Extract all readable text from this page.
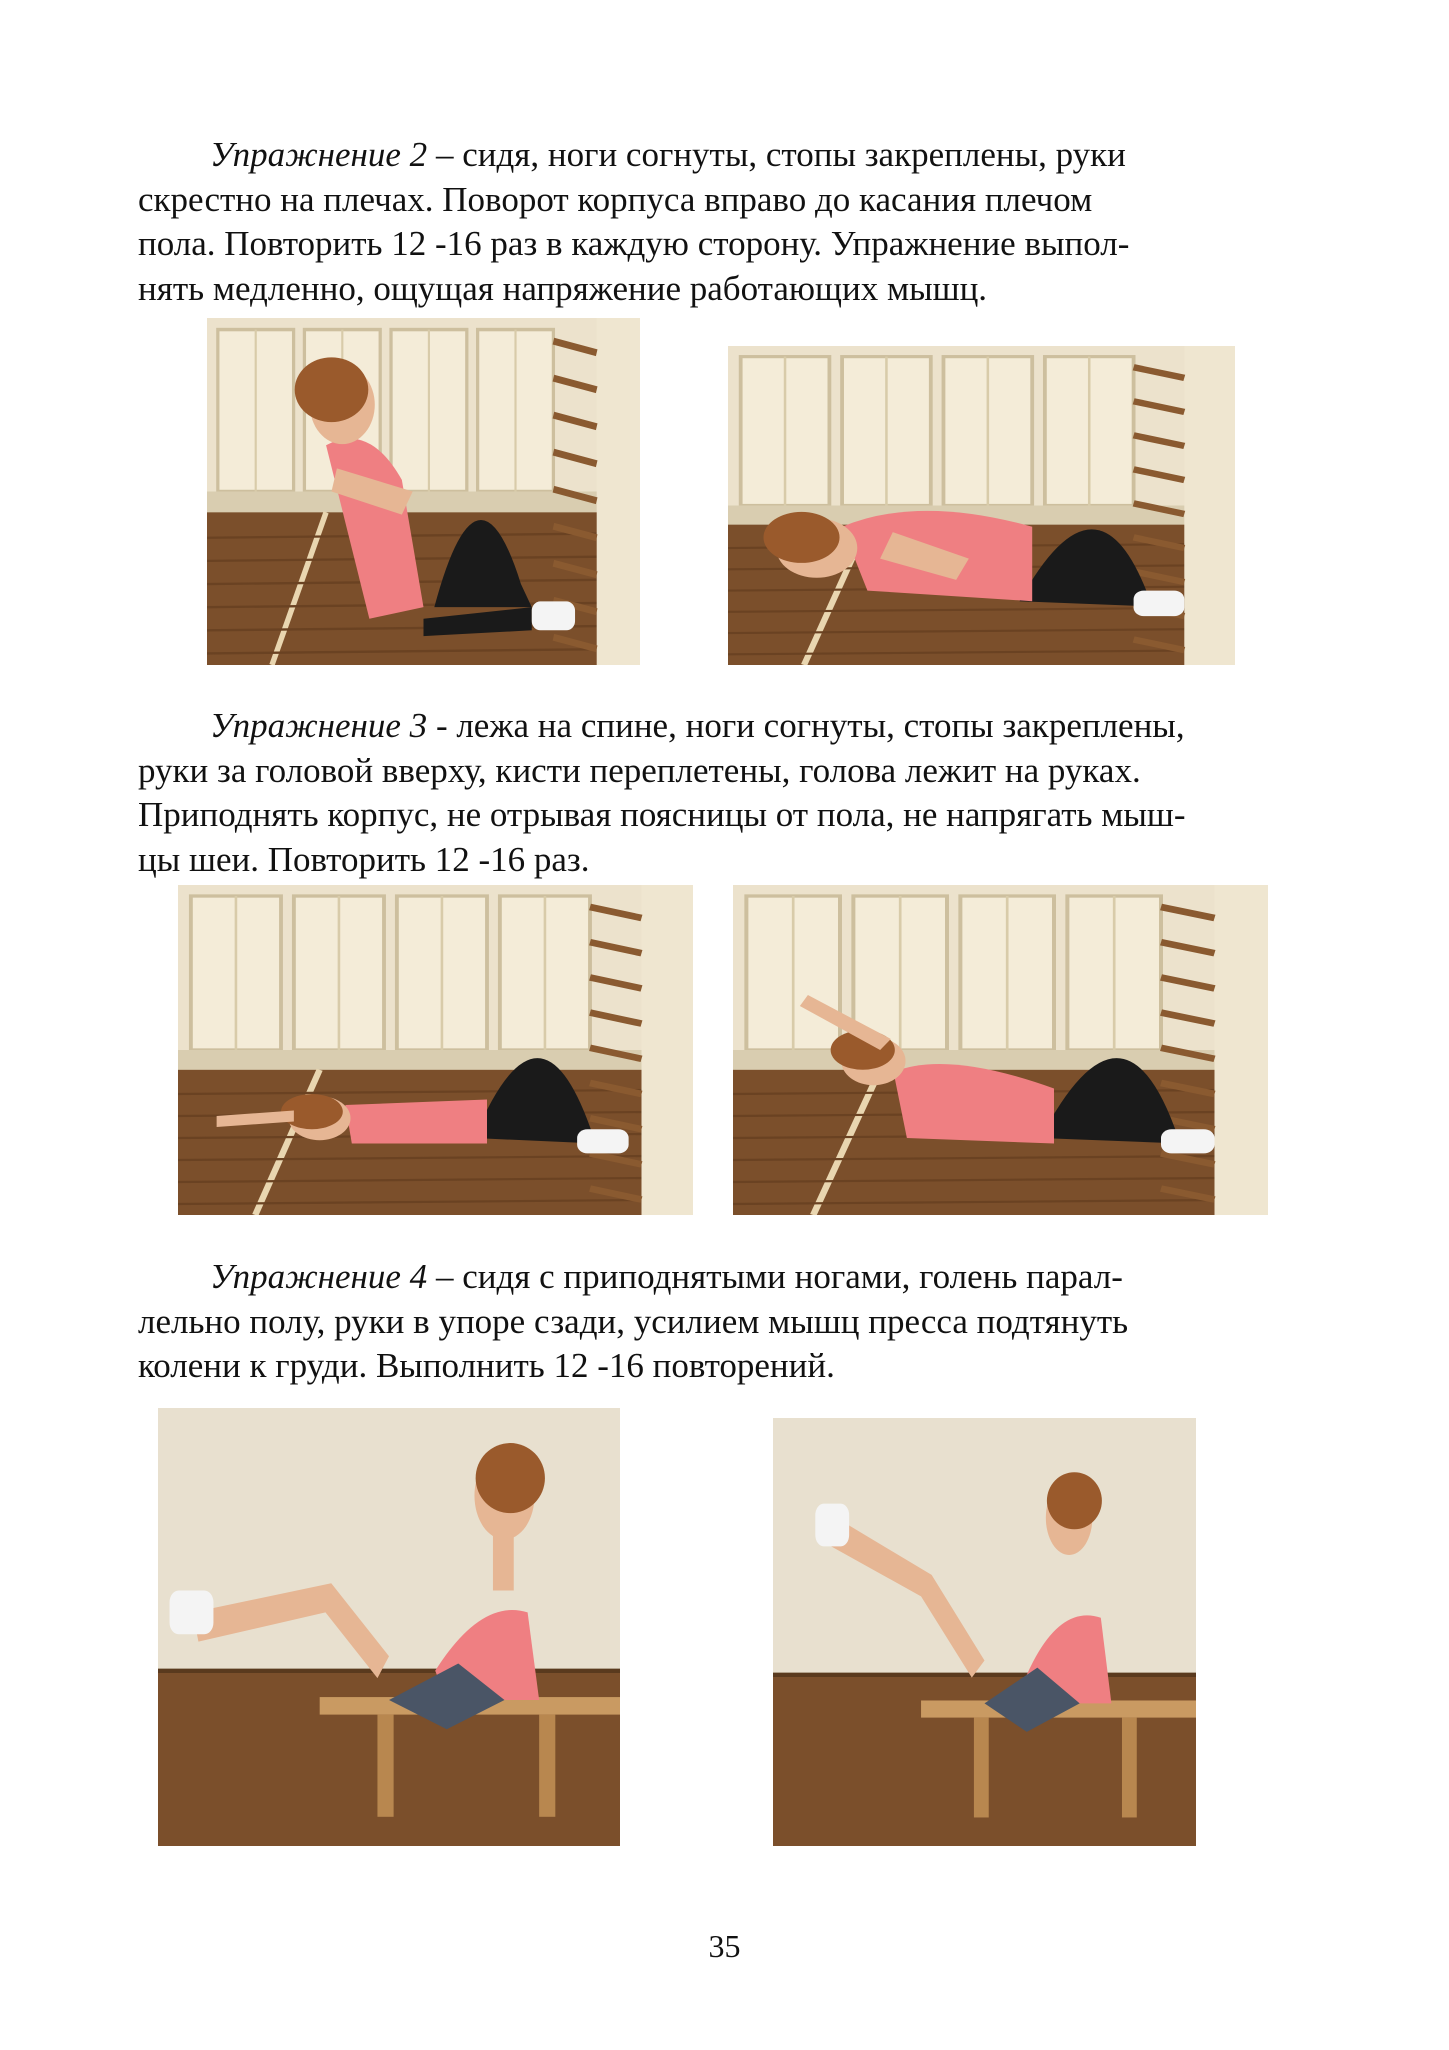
Упражнение 2 – сидя, ноги согнуты, стопы закреплены, руки
скрестно на плечах. Поворот корпуса вправо до касания плечом
пола. Повторить 12 -16 раз в каждую сторону. Упражнение выпол-
нять медленно, ощущая напряжение работающих мышц.

Упражнение 3 - лежа на спине, ноги согнуты, стопы закреплены,
руки за головой вверху, кисти переплетены, голова лежит на руках.
Приподнять корпус, не отрывая поясницы от пола, не напрягать мыш-
цы шеи. Повторить 12 -16 раз.

Упражнение 4 – сидя с приподнятыми ногами, голень парал-
лельно полу, руки в упоре сзади, усилием мышц пресса подтянуть
колени к груди. Выполнить 12 -16 повторений.

35
